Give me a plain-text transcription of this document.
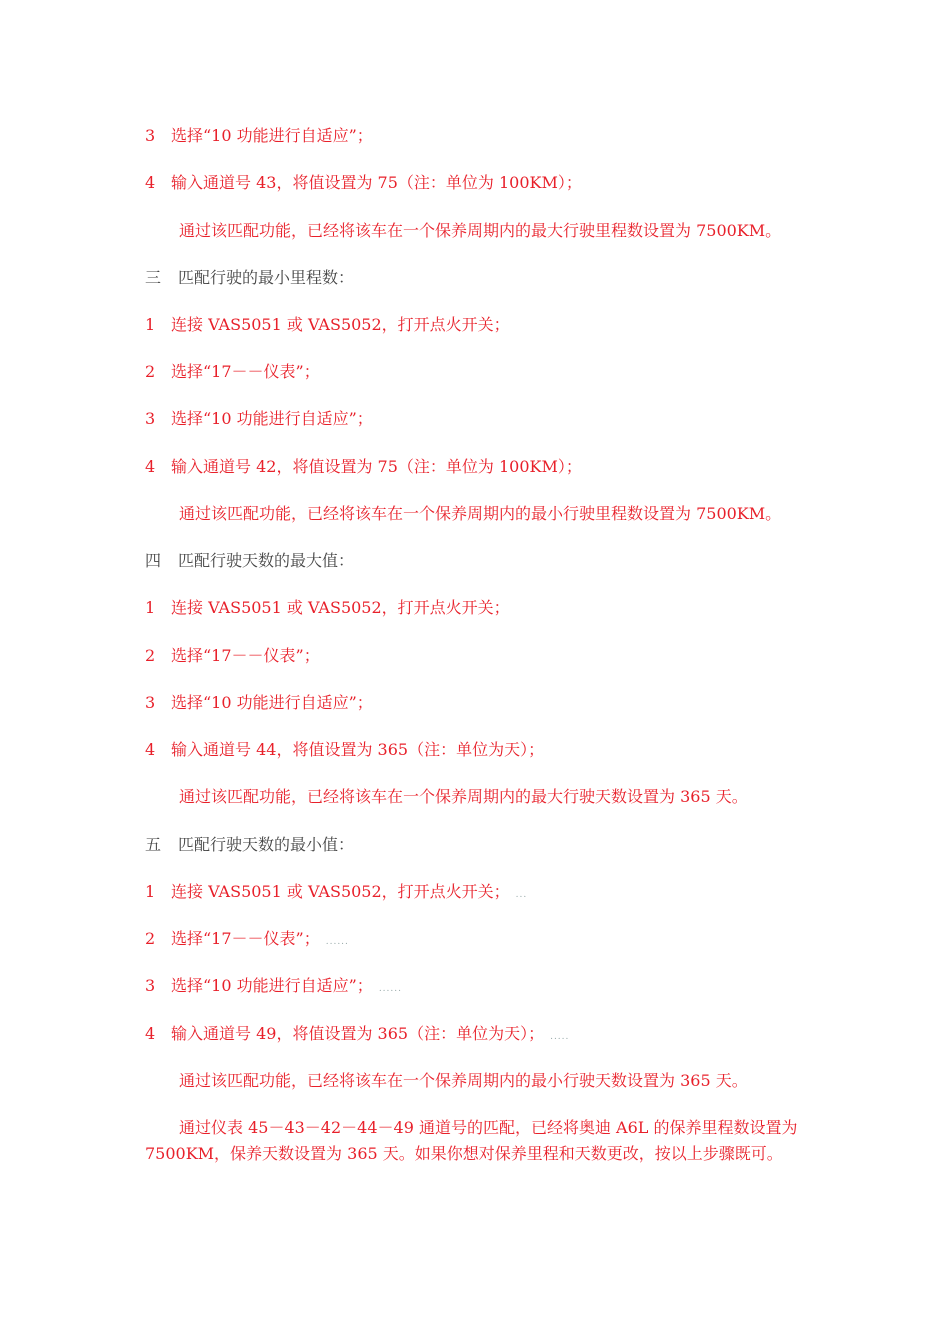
3 选择“10 功能进行自适应”；
4 输入通道号 43，将值设置为 75（注：单位为 100KM）；
通过该匹配功能，已经将该车在一个保养周期内的最大行驶里程数设置为 7500KM。
三 匹配行驶的最小里程数：
1 连接 VAS5051 或 VAS5052，打开点火开关；
2 选择“17－－仪表”；
3 选择“10 功能进行自适应”；
4 输入通道号 42，将值设置为 75（注：单位为 100KM）；
通过该匹配功能，已经将该车在一个保养周期内的最小行驶里程数设置为 7500KM。
四 匹配行驶天数的最大值：
1 连接 VAS5051 或 VAS5052，打开点火开关；
2 选择“17－－仪表”；
3 选择“10 功能进行自适应”；
4 输入通道号 44，将值设置为 365（注：单位为天）；
通过该匹配功能，已经将该车在一个保养周期内的最大行驶天数设置为 365 天。
五 匹配行驶天数的最小值：
1 连接 VAS5051 或 VAS5052，打开点火开关； ...
2 选择“17－－仪表”； ......
3 选择“10 功能进行自适应”； ......
4 输入通道号 49，将值设置为 365（注：单位为天）； .....
通过该匹配功能，已经将该车在一个保养周期内的最小行驶天数设置为 365 天。
通过仪表 45－43－42－44－49 通道号的匹配，已经将奥迪 A6L 的保养里程数设置为
7500KM，保养天数设置为 365 天。如果你想对保养里程和天数更改，按以上步骤既可。
